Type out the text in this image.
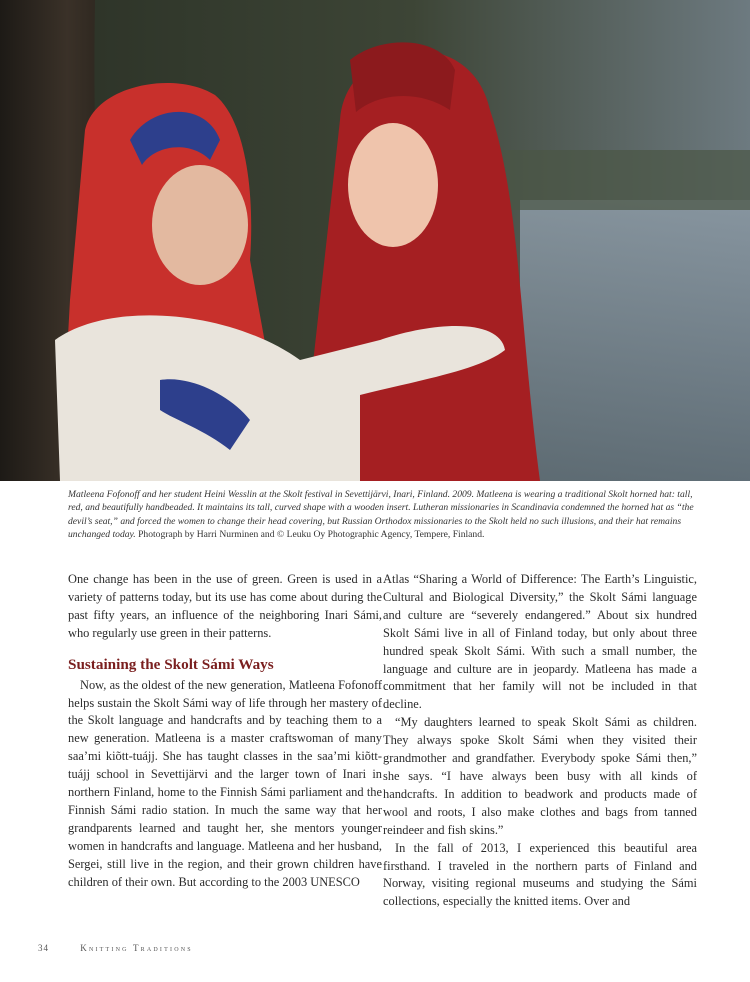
Matleena Fofonoff and her student Heini Wesslin at the Skolt festival in Sevettijärvi, Inari, Finland. 2009. Matleena is wearing a traditional Skolt horned hat: tall, red, and beautifully handbeaded. It maintains its tall, curved shape with a wooden insert. Lutheran missionaries in Scandinavia condemned the horned hat as “the devil’s seat,” and forced the women to change their head covering, but Russian Orthodox missionaries to the Skolt held no such illusions, and their hat remains unchanged today. Photograph by Harri Nurminen and © Leuku Oy Photographic Agency, Tempere, Finland.

One change has been in the use of green. Green is used in a variety of patterns today, but its use has come about during the past fifty years, an influence of the neighboring Inari Sámi, who regularly use green in their patterns.

Sustaining the Skolt Sámi Ways

Now, as the oldest of the new generation, Matleena Fofonoff helps sustain the Skolt Sámi way of life through her mastery of the Skolt language and handcrafts and by teaching them to a new generation. Matleena is a master craftswoman of many saa’mi kiõtt-tuájj. She has taught classes in the saa’mi kiõtt-tuájj school in Sevettijärvi and the larger town of Inari in northern Finland, home to the Finnish Sámi parliament and the Finnish Sámi radio station. In much the same way that her grandparents learned and taught her, she mentors younger women in handcrafts and language. Matleena and her husband, Sergei, still live in the region, and their grown children have children of their own. But according to the 2003 UNESCO

Atlas “Sharing a World of Difference: The Earth’s Linguistic, Cultural and Biological Diversity,” the Skolt Sámi language and culture are “severely endangered.” About six hundred Skolt Sámi live in all of Finland today, but only about three hundred speak Skolt Sámi. With such a small number, the language and culture are in jeopardy. Matleena has made a commitment that her family will not be included in that decline.

“My daughters learned to speak Skolt Sámi as children. They always spoke Skolt Sámi when they visited their grandmother and grandfather. Everybody spoke Sámi then,” she says. “I have always been busy with all kinds of handcrafts. In addition to beadwork and products made of wool and roots, I also make clothes and bags from tanned reindeer and fish skins.”

In the fall of 2013, I experienced this beautiful area firsthand. I traveled in the northern parts of Finland and Norway, visiting regional museums and studying the Sámi collections, especially the knitted items. Over and

34	Knitting Traditions
